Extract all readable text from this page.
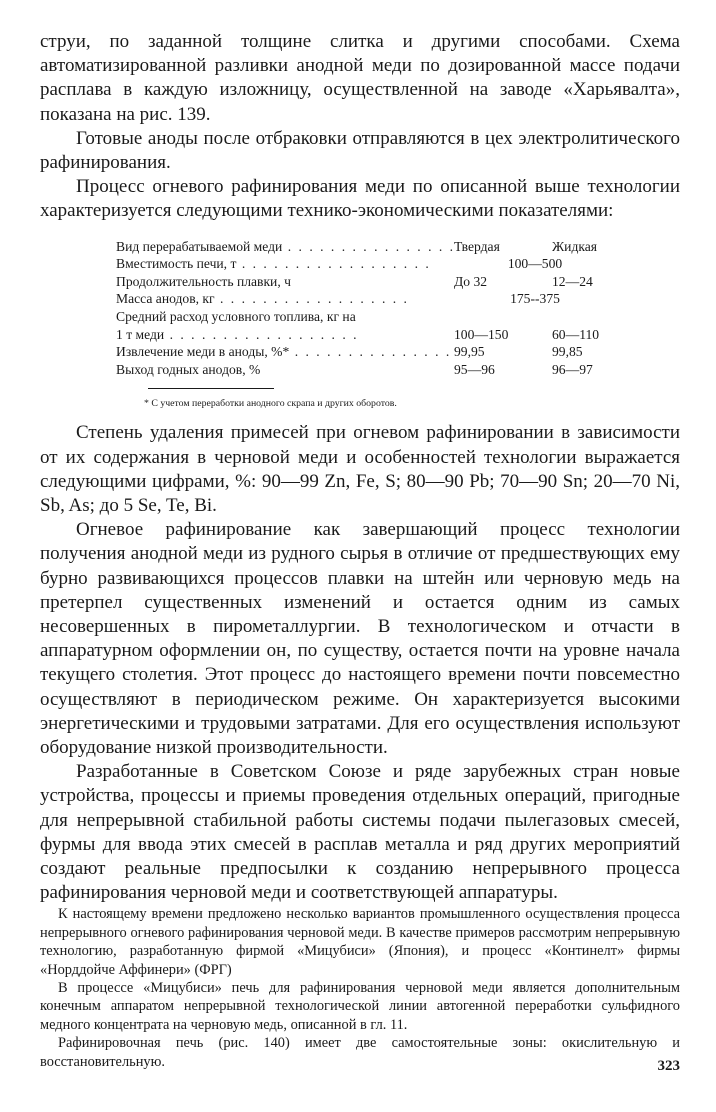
струи, по заданной толщине слитка и другими способами. Схема автоматизированной разливки анодной меди по дозированной массе подачи расплава в каждую изложницу, осуществленной на заводе «Харьявалта», показана на рис. 139.

Готовые аноды после отбраковки отправляются в цех электролитического рафинирования.

Процесс огневого рафинирования меди по описанной выше технологии характеризуется следующими технико-экономическими показателями:

Вид перерабатываемой меди . . .	Твердая	Жидкая
Вместимость печи, т . . .	100—500
Продолжительность плавки, ч	До 32	12—24
Масса анодов, кг . . .	175--375
Средний расход условного топлива, кг на
1 т меди . . .	100—150	60—110
Извлечение меди в аноды, %* . . .	99,95	99,85
Выход годных анодов, %	95—96	96—97
* С учетом переработки анодного скрапа и других оборотов.

Степень удаления примесей при огневом рафинировании в зависимости от их содержания в черновой меди и особенностей технологии выражается следующими цифрами, %: 90—99 Zn, Fe, S; 80—90 Pb; 70—90 Sn; 20—70 Ni, Sb, As; до 5 Se, Te, Bi.

Огневое рафинирование как завершающий процесс технологии получения анодной меди из рудного сырья в отличие от предшествующих ему бурно развивающихся процессов плавки на штейн или черновую медь на претерпел существенных изменений и остается одним из самых несовершенных в пирометаллургии. В технологическом и отчасти в аппаратурном оформлении он, по существу, остается почти на уровне начала текущего столетия. Этот процесс до настоящего времени почти повсеместно осуществляют в периодическом режиме. Он характеризуется высокими энергетическими и трудовыми затратами. Для его осуществления используют оборудование низкой производительности.

Разработанные в Советском Союзе и ряде зарубежных стран новые устройства, процессы и приемы проведения отдельных операций, пригодные для непрерывной стабильной работы системы подачи пылегазовых смесей, фурмы для ввода этих смесей в расплав металла и ряд других мероприятий создают реальные предпосылки к созданию непрерывного процесса рафинирования черновой меди и соответствующей аппаратуры.

К настоящему времени предложено несколько вариантов промышленного осуществления процесса непрерывного огневого рафинирования черновой меди. В качестве примеров рассмотрим непрерывную технологию, разработанную фирмой «Мицубиси» (Япония), и процесс «Континелт» фирмы «Норддойче Аффинери» (ФРГ)

В процессе «Мицубиси» печь для рафинирования черновой меди является дополнительным конечным аппаратом непрерывной технологической линии автогенной переработки сульфидного медного концентрата на черновую медь, описанной в гл. 11.

Рафинировочная печь (рис. 140) имеет две самостоятельные зоны: окислительную и восстановительную.	323
